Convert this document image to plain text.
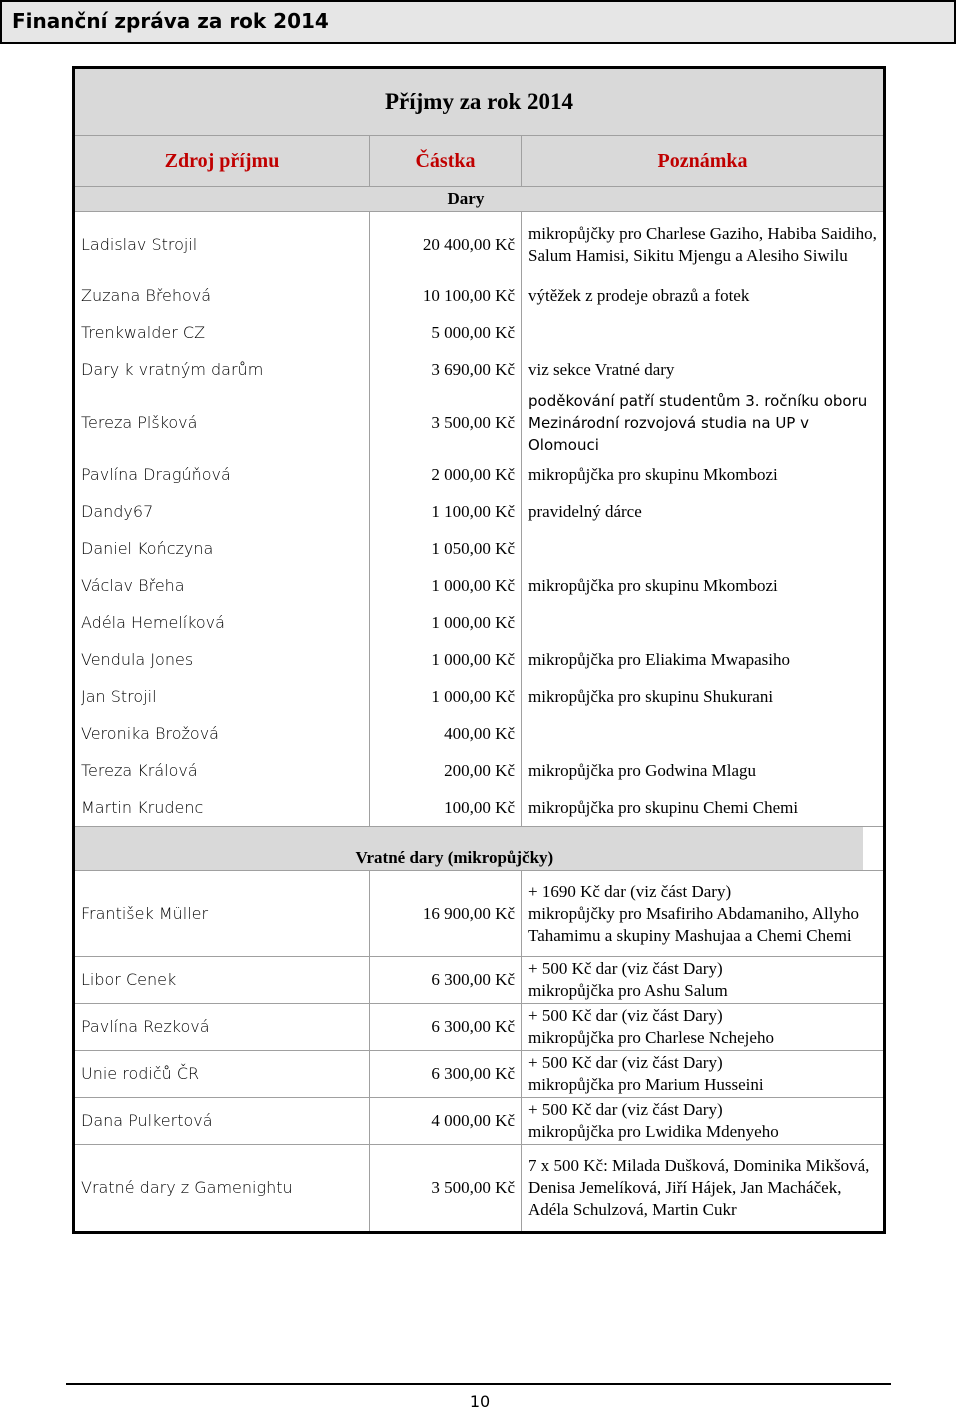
Finanční zpráva za rok 2014
Příjmy za rok 2014
Zdroj příjmu	Částka	Poznámka
	Dary
Ladislav Strojil	20 400,00 Kč	mikropůjčky pro Charlese Gaziho, Habiba Saidiho, Salum Hamisi, Sikitu Mjengu a Alesiho Siwilu
Zuzana Břehová	10 100,00 Kč	výtěžek z prodeje obrazů a fotek
Trenkwalder CZ	5 000,00 Kč	
Dary k vratným darům	3 690,00 Kč	viz sekce Vratné dary
Tereza Plšková	3 500,00 Kč	poděkování patří studentům 3. ročníku oboru Mezinárodní rozvojová studia na UP v Olomouci
Pavlína Dragúňová	2 000,00 Kč	mikropůjčka pro skupinu Mkombozi
Dandy67	1 100,00 Kč	pravidelný dárce
Daniel Kończyna	1 050,00 Kč	
Václav Břeha	1 000,00 Kč	mikropůjčka pro skupinu Mkombozi
Adéla Hemelíková	1 000,00 Kč	
Vendula Jones	1 000,00 Kč	mikropůjčka pro Eliakima Mwapasiho
Jan Strojil	1 000,00 Kč	mikropůjčka pro skupinu Shukurani
Veronika Brožová	400,00 Kč	
Tereza Králová	200,00 Kč	mikropůjčka pro Godwina Mlagu
Martin Krudenc	100,00 Kč	mikropůjčka pro skupinu Chemi Chemi
	Vratné dary (mikropůjčky)
František Müller	16 900,00 Kč	+ 1690 Kč dar (viz část Dary)
mikropůjčky pro Msafiriho Abdamaniho, Allyho Tahamimu a skupiny Mashujaa a Chemi Chemi

Libor Cenek	6 300,00 Kč	+ 500 Kč dar (viz část Dary)
mikropůjčka pro Ashu Salum

Pavlína Rezková	6 300,00 Kč	+ 500 Kč dar (viz část Dary)
mikropůjčka pro Charlese Nchejeho

Unie rodičů ČR	6 300,00 Kč	+ 500 Kč dar (viz část Dary)
mikropůjčka pro Marium Husseini

Dana Pulkertová	4 000,00 Kč	+ 500 Kč dar (viz část Dary)
mikropůjčka pro Lwidika Mdenyeho

Vratné dary z Gamenightu	3 500,00 Kč	7 x 500 Kč: Milada Dušková, Dominika Mikšová, Denisa Jemelíková, Jiří Hájek, Jan Macháček, Adéla Schulzová, Martin Cukr
10
